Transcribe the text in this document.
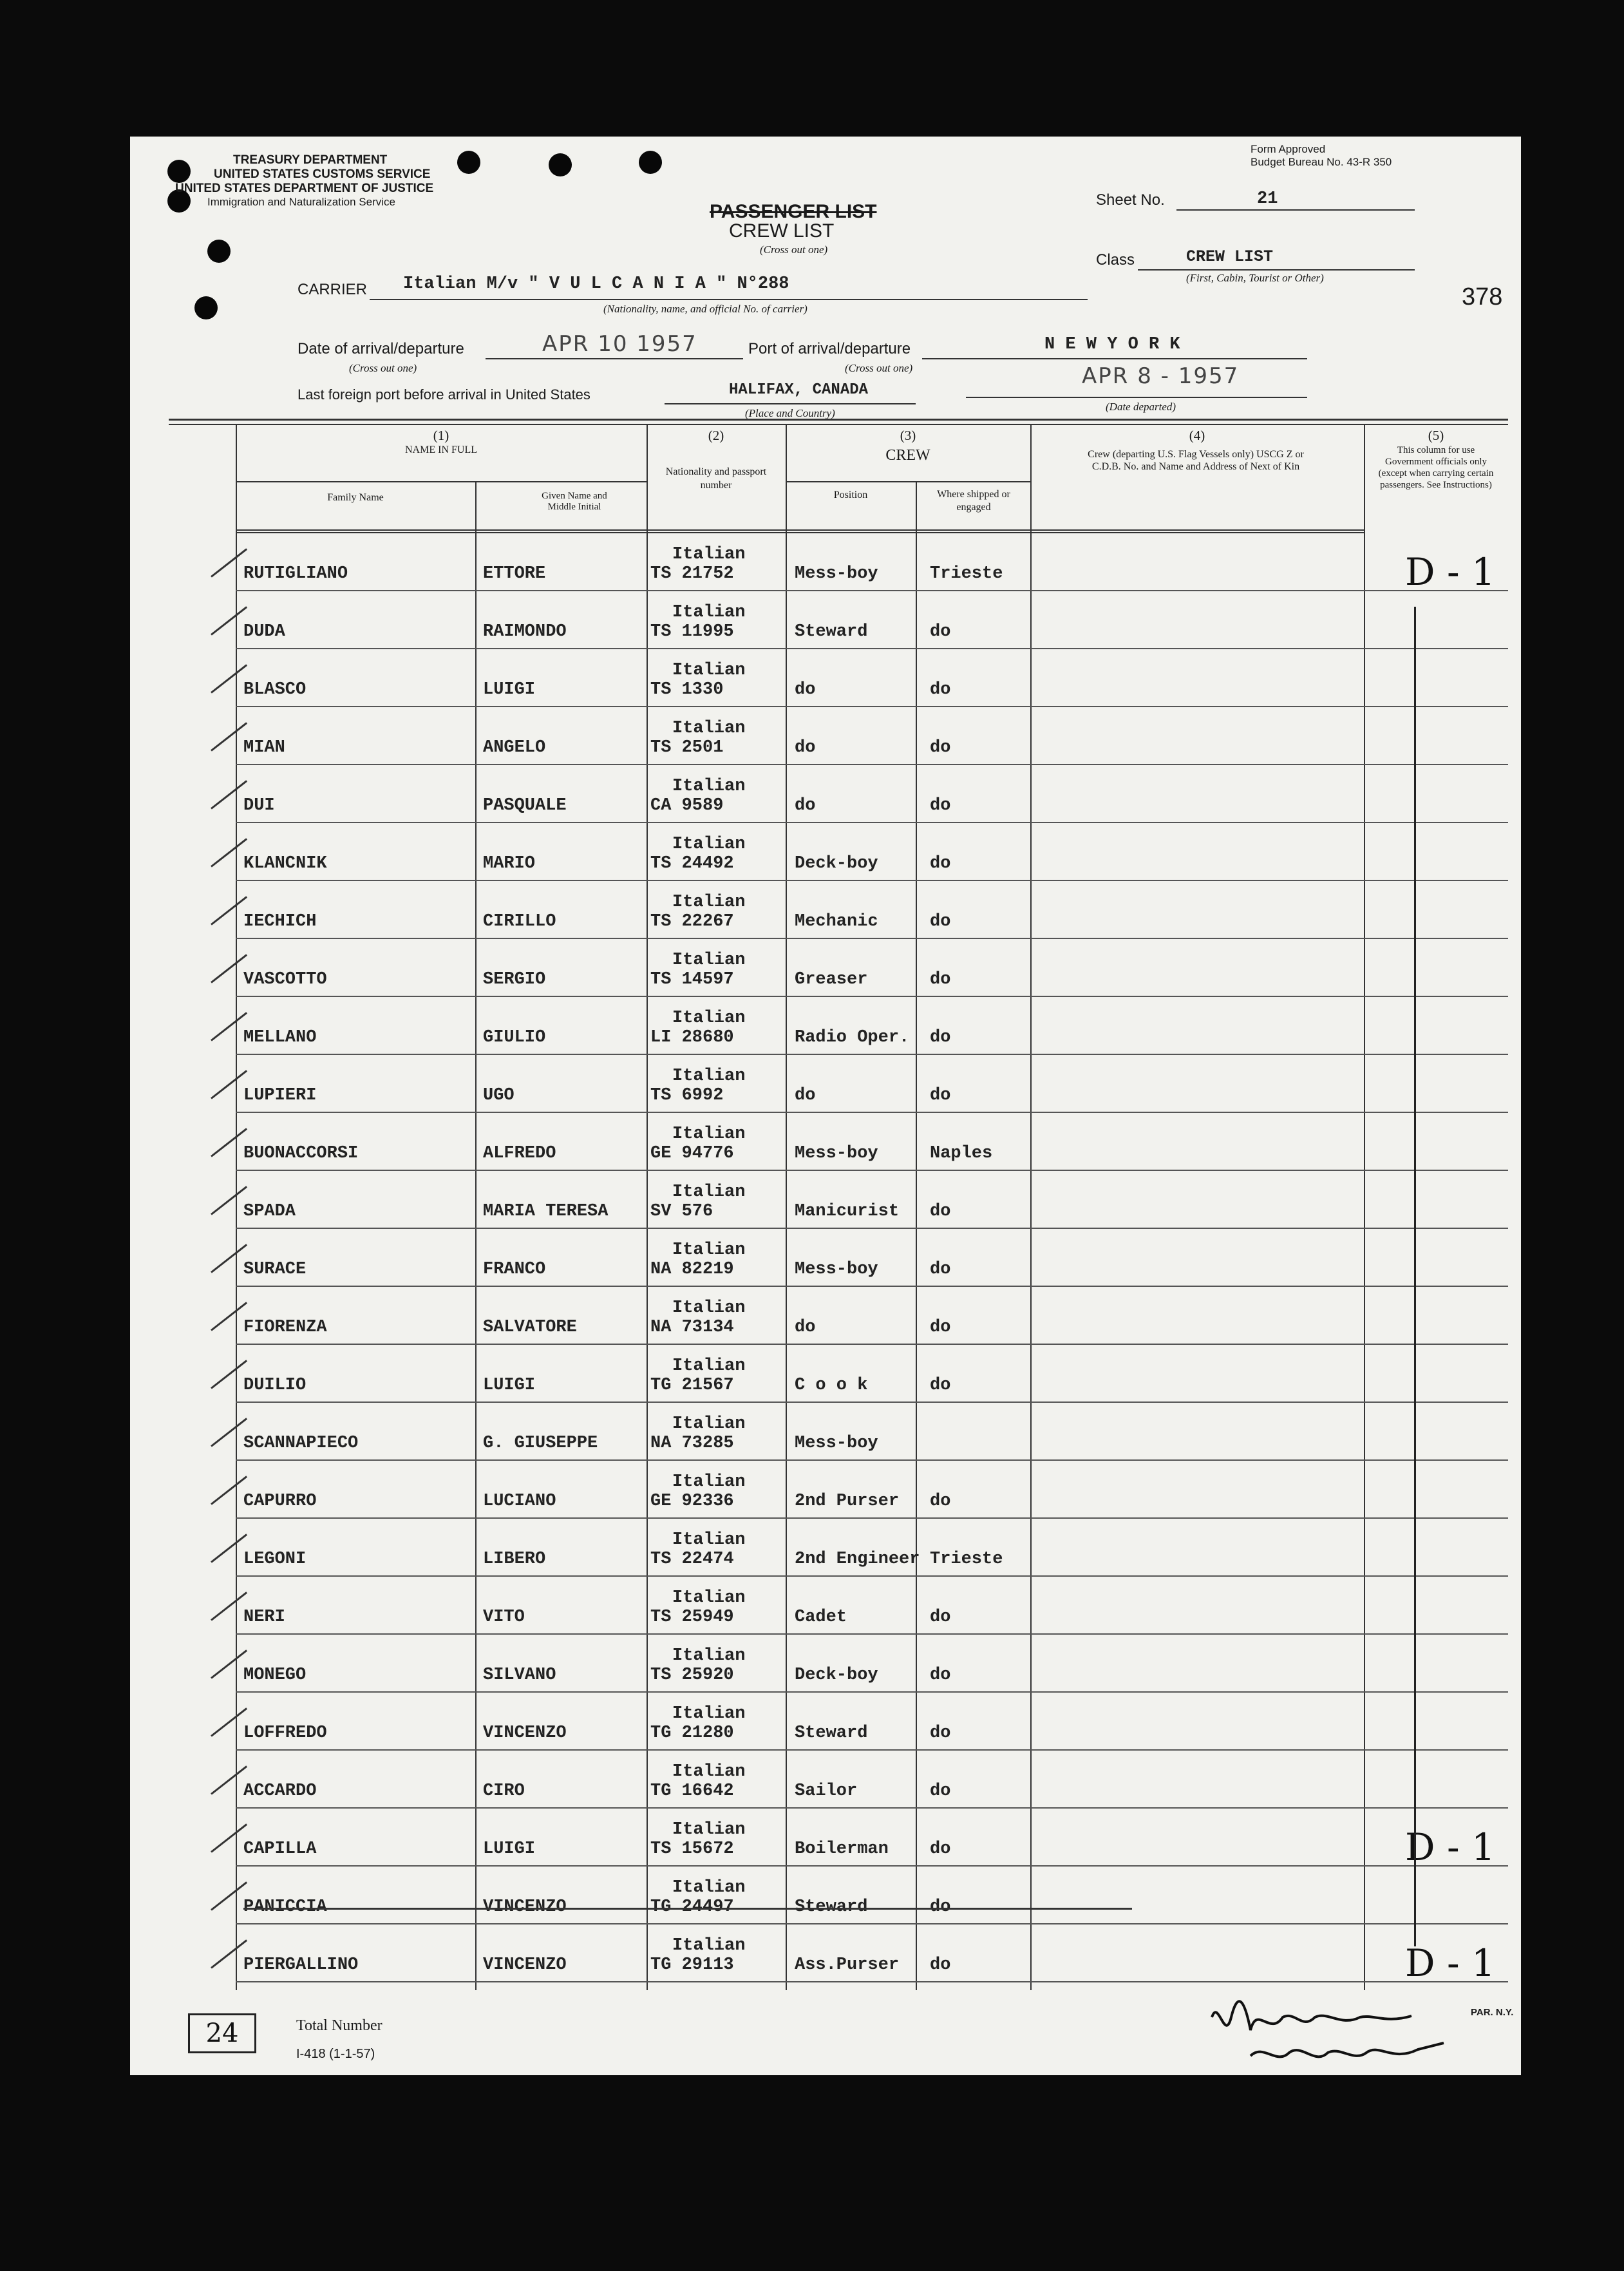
TREASURY DEPARTMENT
UNITED STATES CUSTOMS SERVICE
UNITED STATES DEPARTMENT OF JUSTICE
Immigration and Naturalization Service
Form Approved
Budget Bureau No. 43-R 350
PASSENGER LIST
CREW LIST
(Cross out one)
Sheet No.	21
Class	CREW LIST
(First, Cabin, Tourist or Other)
378
CARRIER Italian M/v " V U L C A N I A " N°288
(Nationality, name, and official No. of carrier)
Date of arrival/departure	APR 10 1957
(Cross out one)
Port of arrival/departure	N E W Y O R K
(Cross out one)
Last foreign port before arrival in United States	HALIFAX, CANADA
(Place and Country)
APR 8 - 1957
(Date departed)
(1)
NAME IN FULL
Family Name	Given Name and Middle Initial
(2)
Nationality and passport number
(3)
CREW
Position	Where shipped or engaged
(4)
Crew (departing U.S. Flag Vessels only) USCG Z or C.D.B. No. and Name and Address of Next of Kin
(5)
This column for use Government officials only (except when carrying certain passengers. See Instructions)
RUTIGLIANO	ETTORE
Italian
TS 21752	Mess-boy	Trieste	D - 1
DUDA	RAIMONDO
Italian
TS 11995	Steward	do
BLASCO	LUIGI
Italian
TS 1330	do	do
MIAN	ANGELO
Italian
TS 2501	do	do
DUI	PASQUALE
Italian
CA 9589	do	do
KLANCNIK	MARIO
Italian
TS 24492	Deck-boy	do
IECHICH	CIRILLO
Italian
TS 22267	Mechanic	do
VASCOTTO	SERGIO
Italian
TS 14597	Greaser	do
MELLANO	GIULIO
Italian
LI 28680	Radio Oper. do
LUPIERI	UGO
Italian
TS 6992	do	do
BUONACCORSI	ALFREDO
Italian
GE 94776	Mess-boy	Naples
SPADA	MARIA TERESA
Italian
SV 576	Manicurist do
SURACE	FRANCO
Italian
NA 82219	Mess-boy	do
FIORENZA	SALVATORE
Italian
NA 73134	do	do
DUILIO	LUIGI
Italian
TG 21567	C o o k	do
SCANNAPIECO	G. GIUSEPPE
Italian
NA 73285	Mess-boy
CAPURRO	LUCIANO
Italian
GE 92336	2nd Purser do
LEGONI	LIBERO
Italian
TS 22474	2nd Engineer Trieste
NERI	VITO
Italian
TS 25949	Cadet	do
MONEGO	SILVANO
Italian
TS 25920	Deck-boy	do
LOFFREDO	VINCENZO
Italian
TG 21280	Steward	do
ACCARDO	CIRO
Italian
TG 16642	Sailor	do
CAPILLA	LUIGI
Italian
TS 15672	Boilerman do	D - 1
PANICCIA	VINCENZO
Italian
TG 24497	Steward	do
PIERGALLINO	VINCENZO
Italian
TG 29113	Ass.Purser do	D - 1
24	Total Number
I-418 (1-1-57)
PAR. N.Y.
